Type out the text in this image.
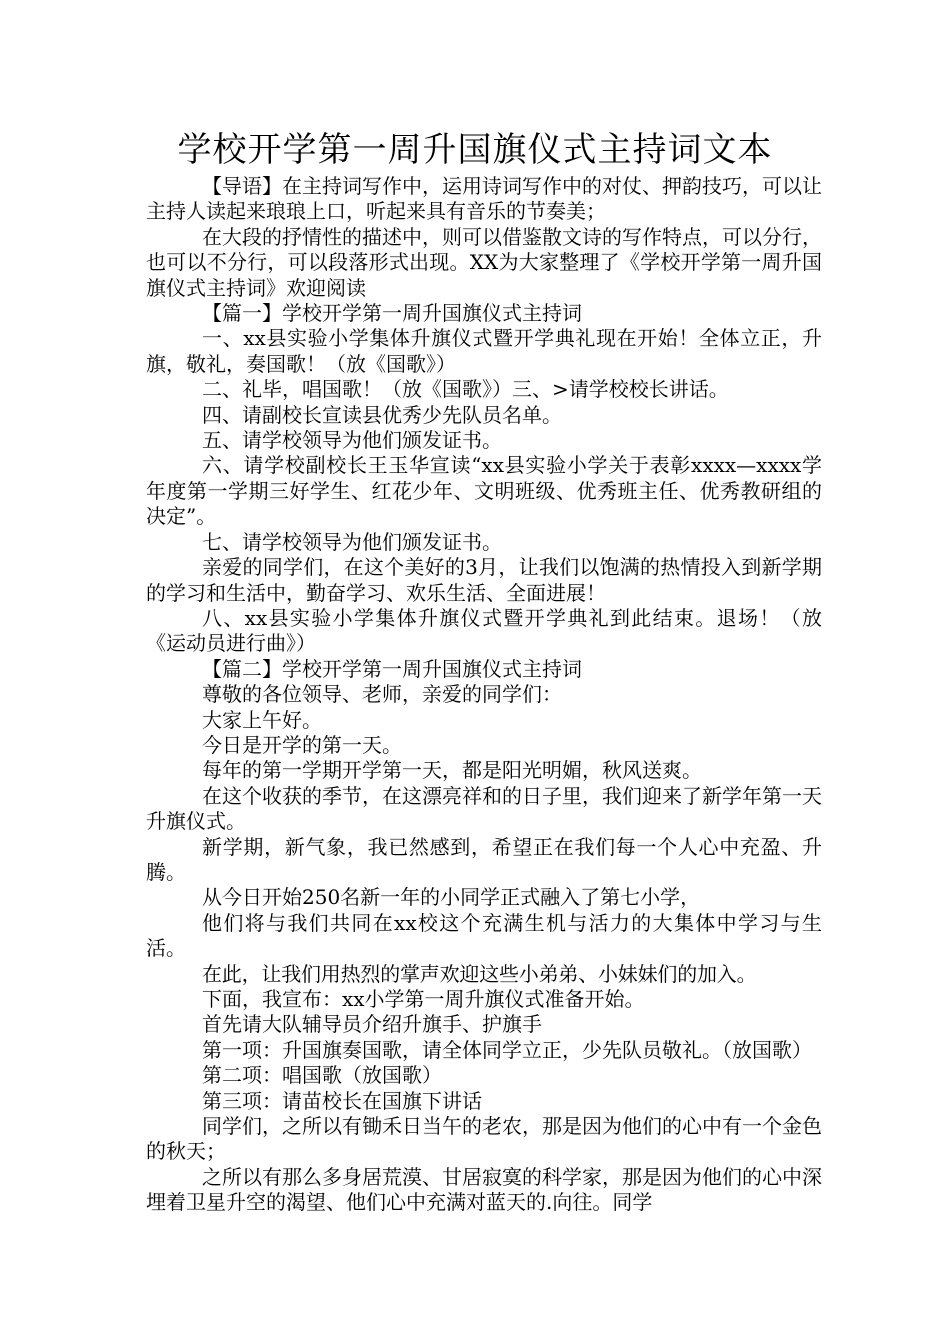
学校开学第一周升国旗仪式主持词文本

【导语】在主持词写作中，运用诗词写作中的对仗、押韵技巧，可以让主持人读起来琅琅上口，听起来具有音乐的节奏美；

在大段的抒情性的描述中，则可以借鉴散文诗的写作特点，可以分行，也可以不分行，可以段落形式出现。XX为大家整理了《学校开学第一周升国旗仪式主持词》欢迎阅读

【篇一】学校开学第一周升国旗仪式主持词

一、xx县实验小学集体升旗仪式暨开学典礼现在开始！全体立正，升旗，敬礼，奏国歌！（放《国歌》）

二、礼毕，唱国歌！（放《国歌》）三、>请学校校长讲话。

四、请副校长宣读县优秀少先队员名单。

五、请学校领导为他们颁发证书。

六、请学校副校长王玉华宣读“xx县实验小学关于表彰xxxx—xxxx学年度第一学期三好学生、红花少年、文明班级、优秀班主任、优秀教研组的决定”。

七、请学校领导为他们颁发证书。

亲爱的同学们，在这个美好的3月，让我们以饱满的热情投入到新学期的学习和生活中，勤奋学习、欢乐生活、全面进展！

八、xx县实验小学集体升旗仪式暨开学典礼到此结束。退场！（放《运动员进行曲》）

【篇二】学校开学第一周升国旗仪式主持词

尊敬的各位领导、老师，亲爱的同学们：

大家上午好。

今日是开学的第一天。

每年的第一学期开学第一天，都是阳光明媚，秋风送爽。

在这个收获的季节，在这漂亮祥和的日子里，我们迎来了新学年第一天升旗仪式。

新学期，新气象，我已然感到，希望正在我们每一个人心中充盈、升腾。

从今日开始250名新一年的小同学正式融入了第七小学，

他们将与我们共同在xx校这个充满生机与活力的大集体中学习与生活。

在此，让我们用热烈的掌声欢迎这些小弟弟、小妹妹们的加入。

下面，我宣布：xx小学第一周升旗仪式准备开始。

首先请大队辅导员介绍升旗手、护旗手

第一项：升国旗奏国歌，请全体同学立正，少先队员敬礼。（放国歌）

第二项：唱国歌（放国歌）

第三项：请苗校长在国旗下讲话

同学们，之所以有锄禾日当午的老农，那是因为他们的心中有一个金色的秋天；

之所以有那么多身居荒漠、甘居寂寞的科学家，那是因为他们的心中深埋着卫星升空的渴望、他们心中充满对蓝天的.向往。同学
